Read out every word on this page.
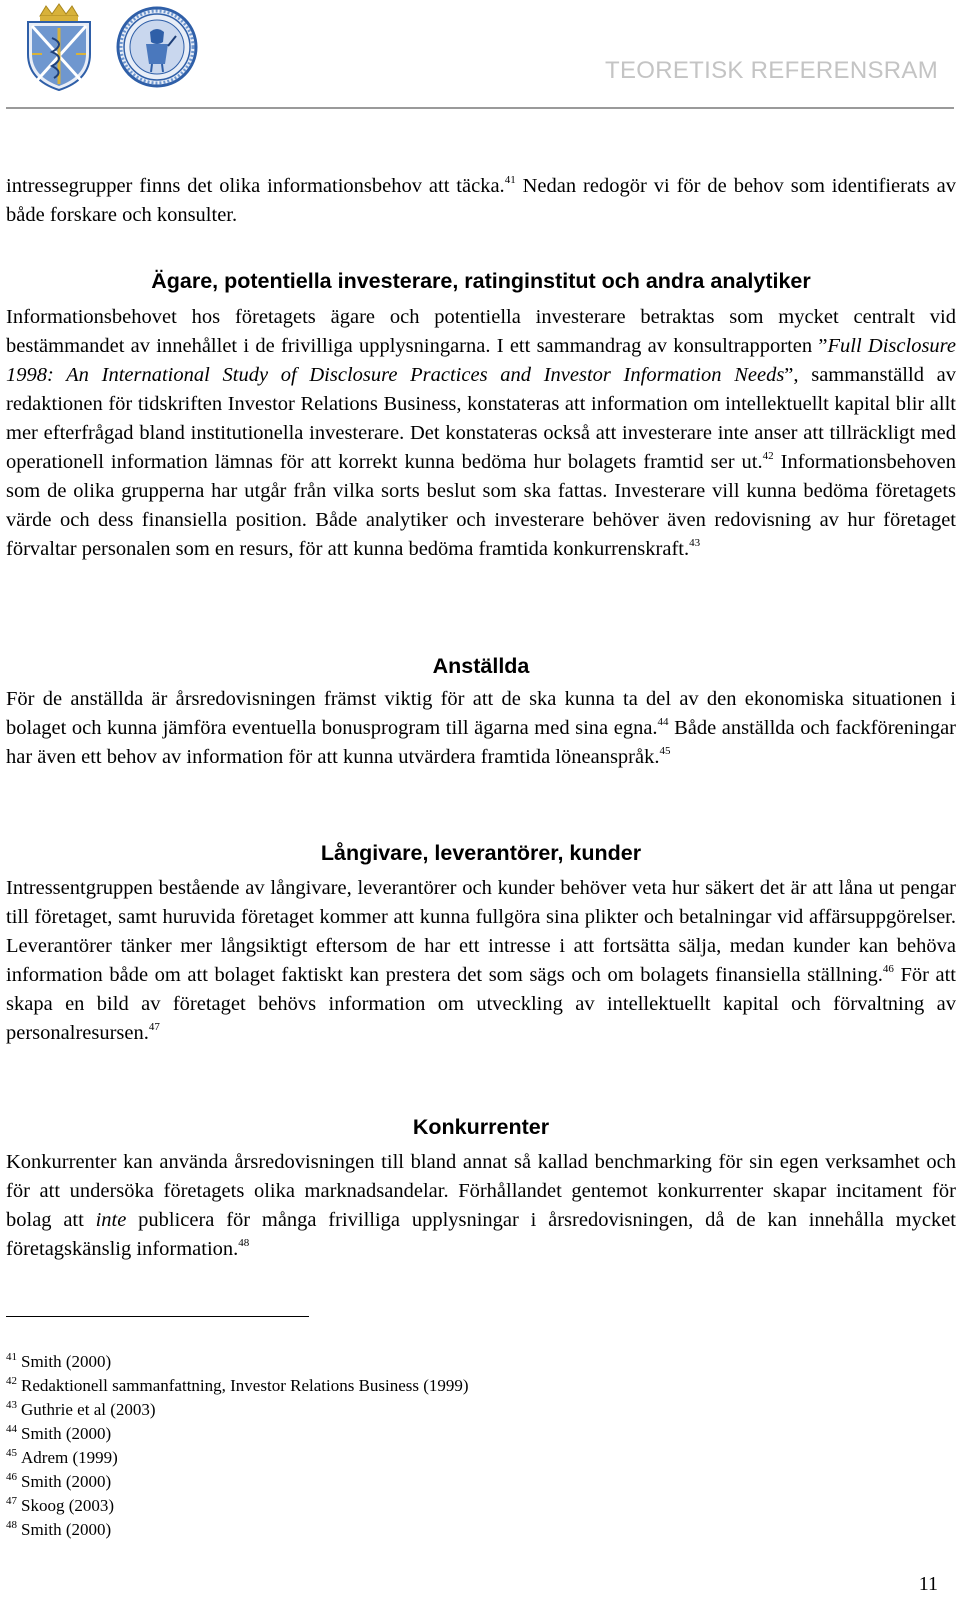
TEORETISK REFERENSRAM

intressegrupper finns det olika informationsbehov att täcka.$^{41}$ Nedan redogör vi för de behov som identifierats av både forskare och konsulter.

Ägare, potentiella investerare, ratinginstitut och andra analytiker

Informationsbehovet hos företagets ägare och potentiella investerare betraktas som mycket centralt vid bestämmandet av innehållet i de frivilliga upplysningarna. I ett sammandrag av konsultrapporten ”Full Disclosure 1998: An International Study of Disclosure Practices and Investor Information Needs”, sammanställd av redaktionen för tidskriften Investor Relations Business, konstateras att information om intellektuellt kapital blir allt mer efterfrågad bland institutionella investerare. Det konstateras också att investerare inte anser att tillräckligt med operationell information lämnas för att korrekt kunna bedöma hur bolagets framtid ser ut.$^{42}$ Informationsbehoven som de olika grupperna har utgår från vilka sorts beslut som ska fattas. Investerare vill kunna bedöma företagets värde och dess finansiella position. Både analytiker och investerare behöver även redovisning av hur företaget förvaltar personalen som en resurs, för att kunna bedöma framtida konkurrenskraft.$^{43}$

Anställda

För de anställda är årsredovisningen främst viktig för att de ska kunna ta del av den ekonomiska situationen i bolaget och kunna jämföra eventuella bonusprogram till ägarna med sina egna.$^{44}$ Både anställda och fackföreningar har även ett behov av information för att kunna utvärdera framtida löneanspråk.$^{45}$

Långivare, leverantörer, kunder

Intressentgruppen bestående av långivare, leverantörer och kunder behöver veta hur säkert det är att låna ut pengar till företaget, samt huruvida företaget kommer att kunna fullgöra sina plikter och betalningar vid affärsuppgörelser. Leverantörer tänker mer långsiktigt eftersom de har ett intresse i att fortsätta sälja, medan kunder kan behöva information både om att bolaget faktiskt kan prestera det som sägs och om bolagets finansiella ställning.$^{46}$ För att skapa en bild av företaget behövs information om utveckling av intellektuellt kapital och förvaltning av personalresursen.$^{47}$

Konkurrenter

Konkurrenter kan använda årsredovisningen till bland annat så kallad benchmarking för sin egen verksamhet och för att undersöka företagets olika marknadsandelar. Förhållandet gentemot konkurrenter skapar incitament för bolag att inte publicera för många frivilliga upplysningar i årsredovisningen, då de kan innehålla mycket företagskänslig information.$^{48}$

$^{41}$ Smith (2000)
$^{42}$ Redaktionell sammanfattning, Investor Relations Business (1999)
$^{43}$ Guthrie et al (2003)
$^{44}$ Smith (2000)
$^{45}$ Adrem (1999)
$^{46}$ Smith (2000)
$^{47}$ Skoog (2003)
$^{48}$ Smith (2000)
11
